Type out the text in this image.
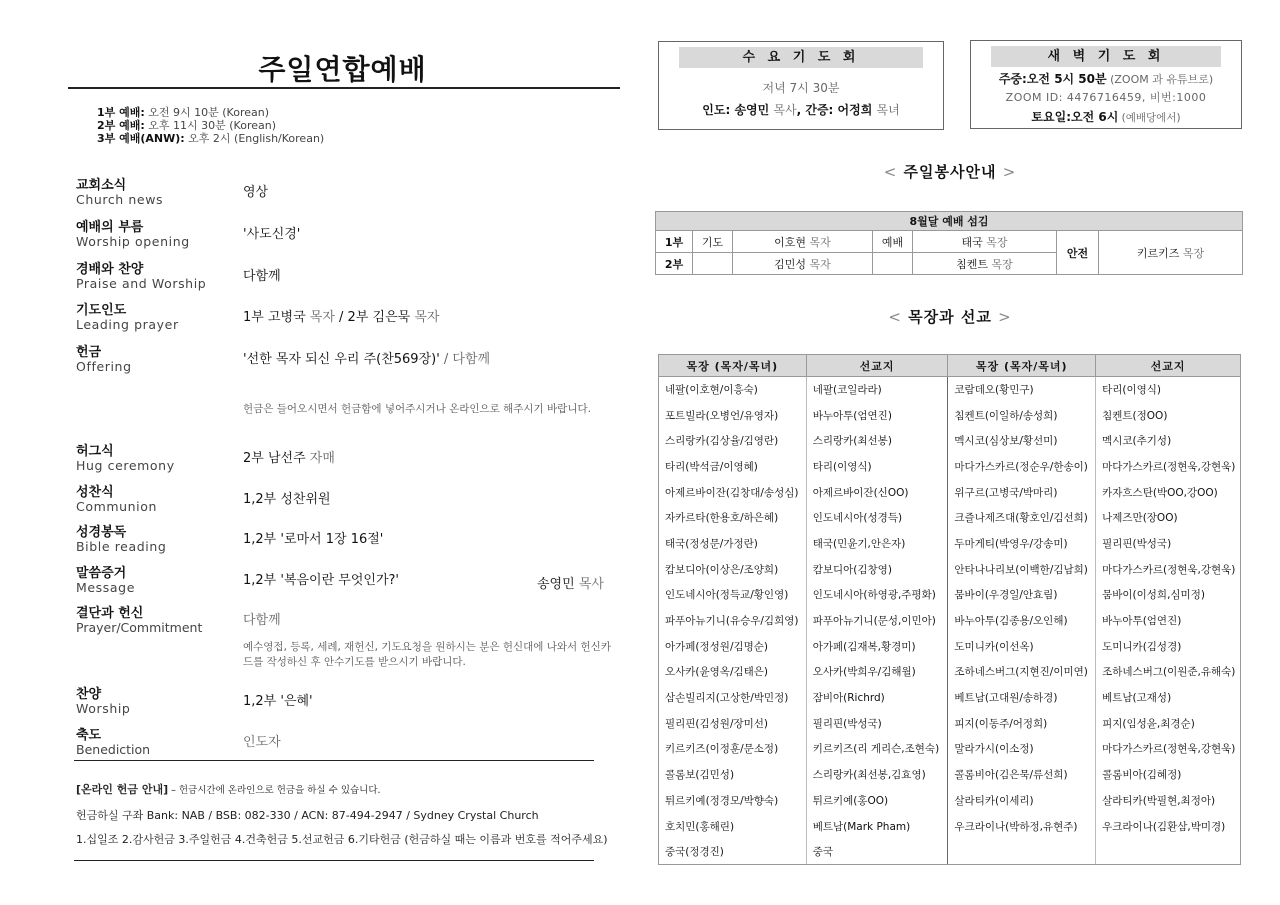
주일연합예배
1부 예배: 오전 9시 10분 (Korean)
2부 예배: 오후 11시 30분 (Korean)
3부 예배(ANW): 오후 2시 (English/Korean)
교회소식
Church news	영상
예배의 부름
Worship opening	'사도신경'
경배와 찬양
Praise and Worship	다함께
기도인도
Leading prayer	1부 고병국 목자 / 2부 김은묵 목자
헌금
Offering	'선한 목자 되신 우리 주(찬569장)' / 다함께
헌금은 들어오시면서 헌금함에 넣어주시거나 온라인으로 해주시기 바랍니다.
허그식
Hug ceremony	2부 남선주 자매
성찬식
Communion	1,2부 성찬위원
성경봉독
Bible reading	1,2부 '로마서 1장 16절'
말씀증거
Message	1,2부 '복음이란 무엇인가?'	송영민 목사
결단과 헌신
Prayer/Commitment	다함께
예수영접, 등록, 세례, 재헌신, 기도요청을 원하시는 분은 헌신대에 나와서 헌신카드를 작성하신 후 안수기도를 받으시기 바랍니다.
찬양
Worship	1,2부 '은혜'
축도
Benediction	인도자
[온라인 헌금 안내] – 헌금시간에 온라인으로 헌금을 하실 수 있습니다.
헌금하실 구좌 Bank: NAB / BSB: 082-330 / ACN: 87-494-2947 / Sydney Crystal Church
1.십일조 2.감사헌금 3.주일헌금 4.건축헌금 5.선교헌금 6.기타헌금 (헌금하실 때는 이름과 번호를 적어주세요)
수 요 기 도 회
저녁 7시 30분
인도: 송영민 목사, 간증: 어정희 목녀
새 벽 기 도 회
주중:오전 5시 50분 (ZOOM 과 유튜브로)
ZOOM ID: 4476716459, 비번:1000
토요일:오전 6시 (예배당에서)
< 주일봉사안내 >
8월달 예배 섬김						
1부	기도	이호현 목자	예배	태국 목장	안전	키르키즈 목장
2부		김민성 목자		침켄트 목장		
< 목장과 선교 >
목장 (목자/목녀)	선교지	목장 (목자/목녀)	선교지
네팔(이호현/이흥숙)	네팔(코일라라)	코람데오(황민구)	타리(이영식)
포트빌라(오병언/유영자)	바누아투(엄연진)	침켄트(이일하/송성희)	침켄트(정OO)
스리랑카(김상율/김영란)	스리랑카(최선봉)	멕시코(심상보/황선미)	멕시코(추기성)
타리(박석금/이영혜)	타리(이영식)	마다가스카르(정순우/한송이)	마다가스카르(정현욱,강현욱)
아제르바이잔(김창대/송성심)	아제르바이잔(신OO)	위구르(고병국/박마리)	카자흐스탄(박OO,강OO)
자카르타(한용호/하은혜)	인도네시아(성경득)	크즐나제즈대(황호인/김선희)	나제즈만(장OO)
태국(정성문/가정란)	태국(민윤기,안은자)	두마게티(박영우/강송미)	필리핀(박성국)
캄보디아(이상은/조양희)	캄보디아(김창영)	안타나나리보(이백한/김남희)	마다가스카르(정현욱,강현욱)
인도네시아(정득교/황인영)	인도네시아(하영광,주평화)	뭄바이(우경일/안효림)	뭄바이(이성희,심미정)
파푸아뉴기니(유승우/김희영)	파푸아뉴기니(문성,이민아)	바누아투(김종용/오인해)	바누아투(엄연진)
아가페(정성원/김명순)	아가페(김재복,황경미)	도미니카(이선옥)	도미니카(김성경)
오사카(윤영옥/김태은)	오사카(박희우/김해월)	조하네스버그(지현진/이미연)	조하네스버그(이원준,유해숙)
삼손빌리지(고상한/박민정)	잠비아(Richrd)	베트남(고대원/송하경)	베트남(고재성)
필리핀(김성원/장미선)	필리핀(박성국)	피지(이동주/어정희)	피지(임성윤,최경순)
키르키즈(이정훈/문소정)	키르키즈(리 게리슨,조현숙)	말라가시(이소정)	마다가스카르(정현욱,강현욱)
콜롬보(김민성)	스리랑카(최선봉,김효영)	콜롬비아(김은묵/류선희)	콜롬비아(김혜정)
튀르키예(정경모/박향숙)	튀르키예(홍OO)	살라티카(이세리)	살라티카(박필현,최정아)
호치민(홍해린)	베트남(Mark Pham)	우크라이나(박하정,유현주)	우크라이나(김환삼,박미경)
중국(정경진)	중국		
